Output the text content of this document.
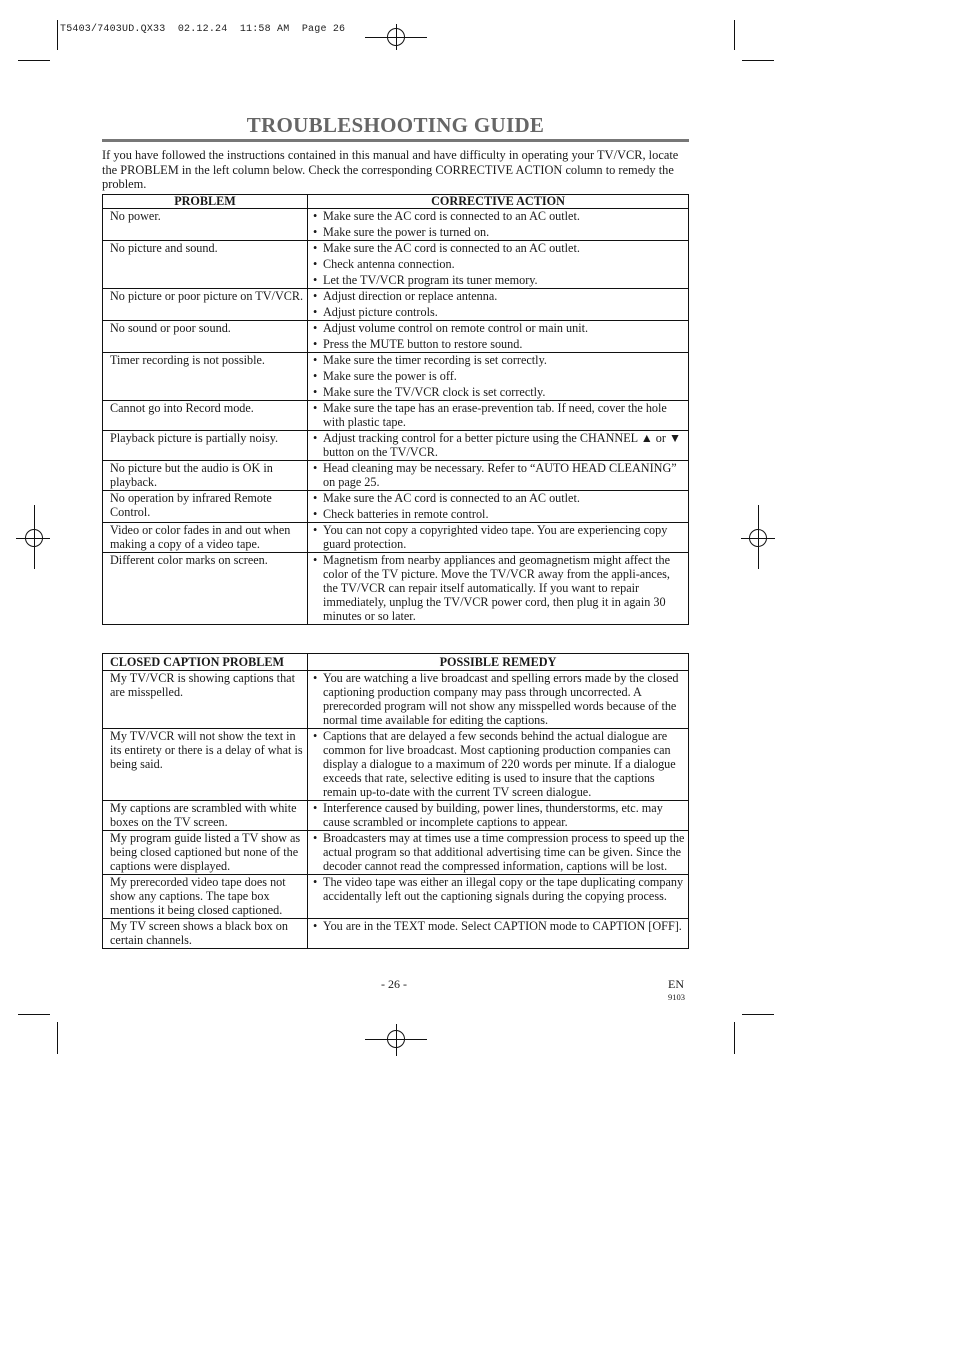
T5403/7403UD.QX33  02.12.24  11:58 AM  Page 26
TROUBLESHOOTING GUIDE
If you have followed the instructions contained in this manual and have difficulty in operating your TV/VCR, locate the PROBLEM in the left column below. Check the corresponding CORRECTIVE ACTION column to remedy the problem.
PROBLEM	CORRECTIVE ACTION
No power.	• Make sure the AC cord is connected to an AC outlet.
• Make sure the power is turned on.

No picture and sound.	• Make sure the AC cord is connected to an AC outlet.
• Check antenna connection.
• Let the TV/VCR program its tuner memory.

No picture or poor picture on TV/VCR.	• Adjust direction or replace antenna.
• Adjust picture controls.

No sound or poor sound.	• Adjust volume control on remote control or main unit.
• Press the MUTE button to restore sound.

Timer recording is not possible.	• Make sure the timer recording is set correctly.
• Make sure the power is off.
• Make sure the TV/VCR clock is set correctly.

Cannot go into Record mode.	• Make sure the tape has an erase-prevention tab. If need, cover the hole with plastic tape.

Playback picture is partially noisy.	• Adjust tracking control for a better picture using the CHANNEL ▲ or ▼ button on the TV/VCR.

No picture but the audio is OK in playback.	• Head cleaning may be necessary. Refer to “AUTO HEAD CLEANING” on page 25.

No operation by infrared Remote Control.	• Make sure the AC cord is connected to an AC outlet.
• Check batteries in remote control.

Video or color fades in and out when making a copy of a video tape.	• You can not copy a copyrighted video tape. You are experiencing copy guard protection.

Different color marks on screen.	• Magnetism from nearby appliances and geomagnetism might affect the color of the TV picture. Move the TV/VCR away from the appli-ances, the TV/VCR can repair itself automatically. If you want to repair immediately, unplug the TV/VCR power cord, then plug it in again 30 minutes or so later.
CLOSED CAPTION PROBLEM	POSSIBLE REMEDY
My TV/VCR is showing captions that are misspelled.	• You are watching a live broadcast and spelling errors made by the closed captioning production company may pass through uncorrected. A prerecorded program will not show any misspelled words because of the normal time available for editing the captions.

My TV/VCR will not show the text in its entirety or there is a delay of what is being said.	• Captions that are delayed a few seconds behind the actual dialogue are common for live broadcast. Most captioning production companies can display a dialogue to a maximum of 220 words per minute. If a dialogue exceeds that rate, selective editing is used to insure that the captions remain up-to-date with the current TV screen dialogue.

My captions are scrambled with white boxes on the TV screen.	• Interference caused by building, power lines, thunderstorms, etc. may cause scrambled or incomplete captions to appear.

My program guide listed a TV show as being closed captioned but none of the captions were displayed.	• Broadcasters may at times use a time compression process to speed up the actual program so that additional advertising time can be given. Since the decoder cannot read the compressed information, captions will be lost.

My prerecorded video tape does not show any captions. The tape box mentions it being closed captioned.	• The video tape was either an illegal copy or the tape duplicating company accidentally left out the captioning signals during the copying process.

My TV screen shows a black box on certain channels.	• You are in the TEXT mode. Select CAPTION mode to CAPTION [OFF].
- 26 -	EN
9103
